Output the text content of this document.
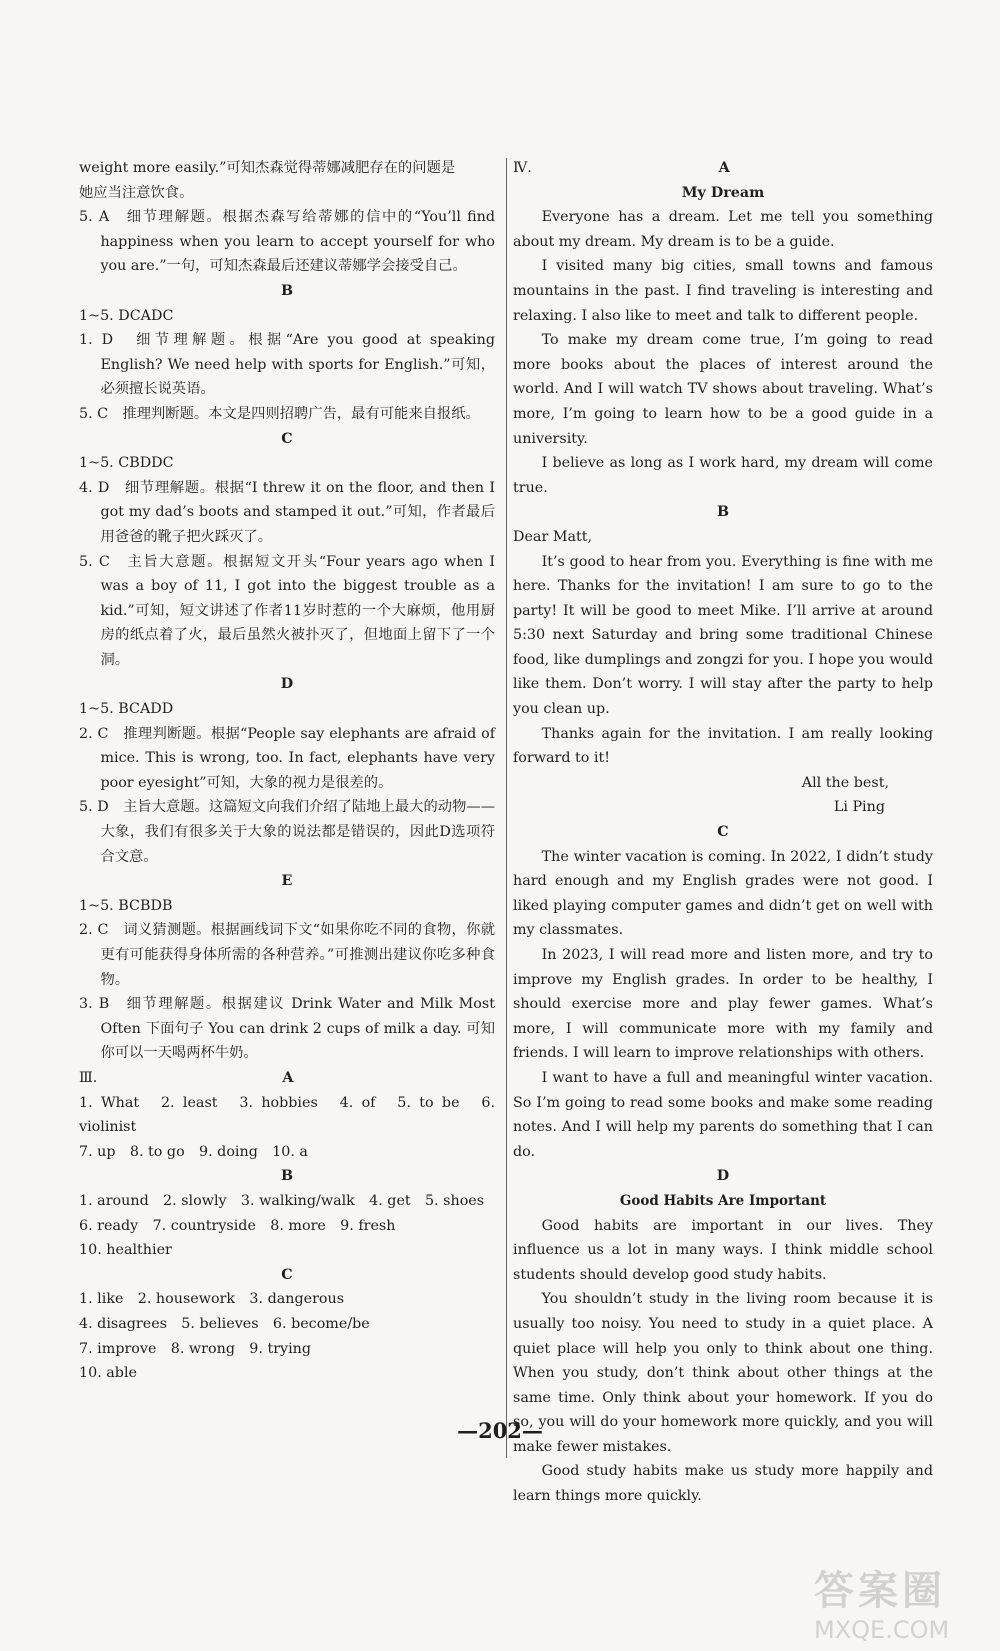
weight more easily.”可知杰森觉得蒂娜减肥存在的问题是

她应当注意饮食。

5. A　细节理解题。根据杰森写给蒂娜的信中的“You’ll find happiness when you learn to accept yourself for who you are.”一句，可知杰森最后还建议蒂娜学会接受自己。

B

1~5. DCADC

1. D　细节理解题。根据“Are you good at speaking English? We need help with sports for English.”可知，必须擅长说英语。

5. C　推理判断题。本文是四则招聘广告，最有可能来自报纸。

C

1~5. CBDDC

4. D　细节理解题。根据“I threw it on the floor, and then I got my dad’s boots and stamped it out.”可知，作者最后用爸爸的靴子把火踩灭了。

5. C　主旨大意题。根据短文开头“Four years ago when I was a boy of 11, I got into the biggest trouble as a kid.”可知，短文讲述了作者11岁时惹的一个大麻烦，他用厨房的纸点着了火，最后虽然火被扑灭了，但地面上留下了一个洞。

D

1~5. BCADD

2. C　推理判断题。根据“People say elephants are afraid of mice. This is wrong, too. In fact, elephants have very poor eyesight”可知，大象的视力是很差的。

5. D　主旨大意题。这篇短文向我们介绍了陆地上最大的动物——大象，我们有很多关于大象的说法都是错误的，因此D选项符合文意。

E

1~5. BCBDB

2. C　词义猜测题。根据画线词下文“如果你吃不同的食物，你就更有可能获得身体所需的各种营养。”可推测出建议你吃多种食物。

3. B　细节理解题。根据建议 Drink Water and Milk Most Often 下面句子 You can drink 2 cups of milk a day. 可知你可以一天喝两杯牛奶。

Ⅲ.	A

1. What　2. least　3. hobbies　4. of　5. to be　6. violinist

7. up　8. to go　9. doing　10. a

B

1. around　2. slowly　3. walking/walk　4. get　5. shoes

6. ready　7. countryside　8. more　9. fresh

10. healthier

C

1. like　2. housework　3. dangerous

4. disagrees　5. believes　6. become/be

7. improve　8. wrong　9. trying

10. able

Ⅳ.	A

My Dream

Everyone has a dream. Let me tell you something about my dream. My dream is to be a guide.

I visited many big cities, small towns and famous mountains in the past. I find traveling is interesting and relaxing. I also like to meet and talk to different people.

To make my dream come true, I’m going to read more books about the places of interest around the world. And I will watch TV shows about traveling. What’s more, I’m going to learn how to be a good guide in a university.

I believe as long as I work hard, my dream will come true.

B

Dear Matt,

It’s good to hear from you. Everything is fine with me here. Thanks for the invitation! I am sure to go to the party! It will be good to meet Mike. I’ll arrive at around 5:30 next Saturday and bring some traditional Chinese food, like dumplings and zongzi for you. I hope you would like them. Don’t worry. I will stay after the party to help you clean up.

Thanks again for the invitation. I am really looking forward to it!

All the best,

Li Ping

C

The winter vacation is coming. In 2022, I didn’t study hard enough and my English grades were not good. I liked playing computer games and didn’t get on well with my classmates.

In 2023, I will read more and listen more, and try to improve my English grades. In order to be healthy, I should exercise more and play fewer games. What’s more, I will communicate more with my family and friends. I will learn to improve relationships with others.

I want to have a full and meaningful winter vacation. So I’m going to read some books and make some reading notes. And I will help my parents do something that I can do.

D

Good Habits Are Important

Good habits are important in our lives. They influence us a lot in many ways. I think middle school students should develop good study habits.

You shouldn’t study in the living room because it is usually too noisy. You need to study in a quiet place. A quiet place will help you only to think about one thing. When you study, don’t think about other things at the same time. Only think about your homework. If you do so, you will do your homework more quickly, and you will make fewer mistakes.

Good study habits make us study more happily and learn things more quickly.

—202—
答案圈
MXQE.COM
